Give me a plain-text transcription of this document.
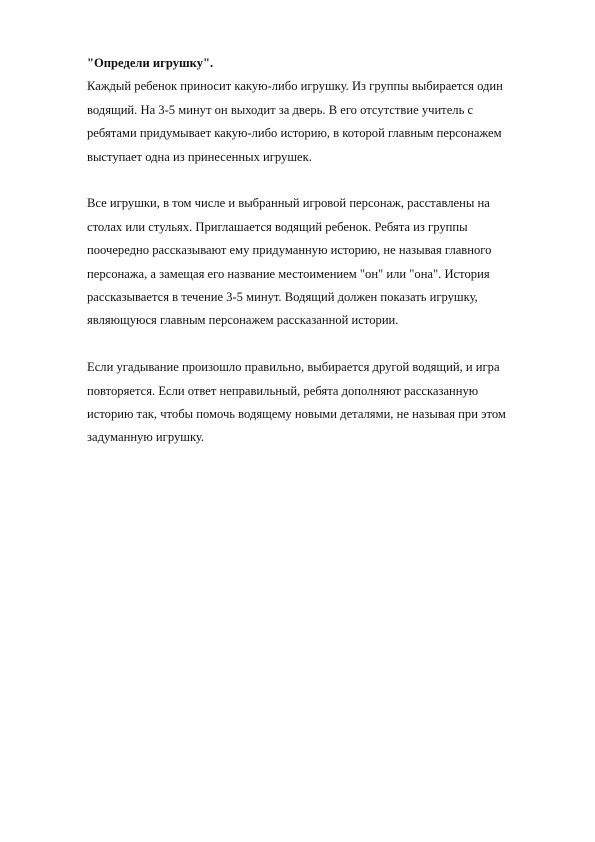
"Определи игрушку".

Каждый ребенок приносит какую-либо игрушку. Из группы выбирается один
водящий. На 3-5 минут он выходит за дверь. В его отсутствие учитель с
ребятами придумывает какую-либо историю, в которой главным персонажем
выступает одна из принесенных игрушек.
Все игрушки, в том числе и выбранный игровой персонаж, расставлены на
столах или стульях. Приглашается водящий ребенок. Ребята из группы
поочередно рассказывают ему придуманную историю, не называя главного
персонажа, а замещая его название местоимением "он" или "она". История
рассказывается в течение 3-5 минут. Водящий должен показать игрушку,
являющуюся главным персонажем рассказанной истории.
Если угадывание произошло правильно, выбирается другой водящий, и игра
повторяется. Если ответ неправильный, ребята дополняют рассказанную
историю так, чтобы помочь водящему новыми деталями, не называя при этом
задуманную игрушку.
